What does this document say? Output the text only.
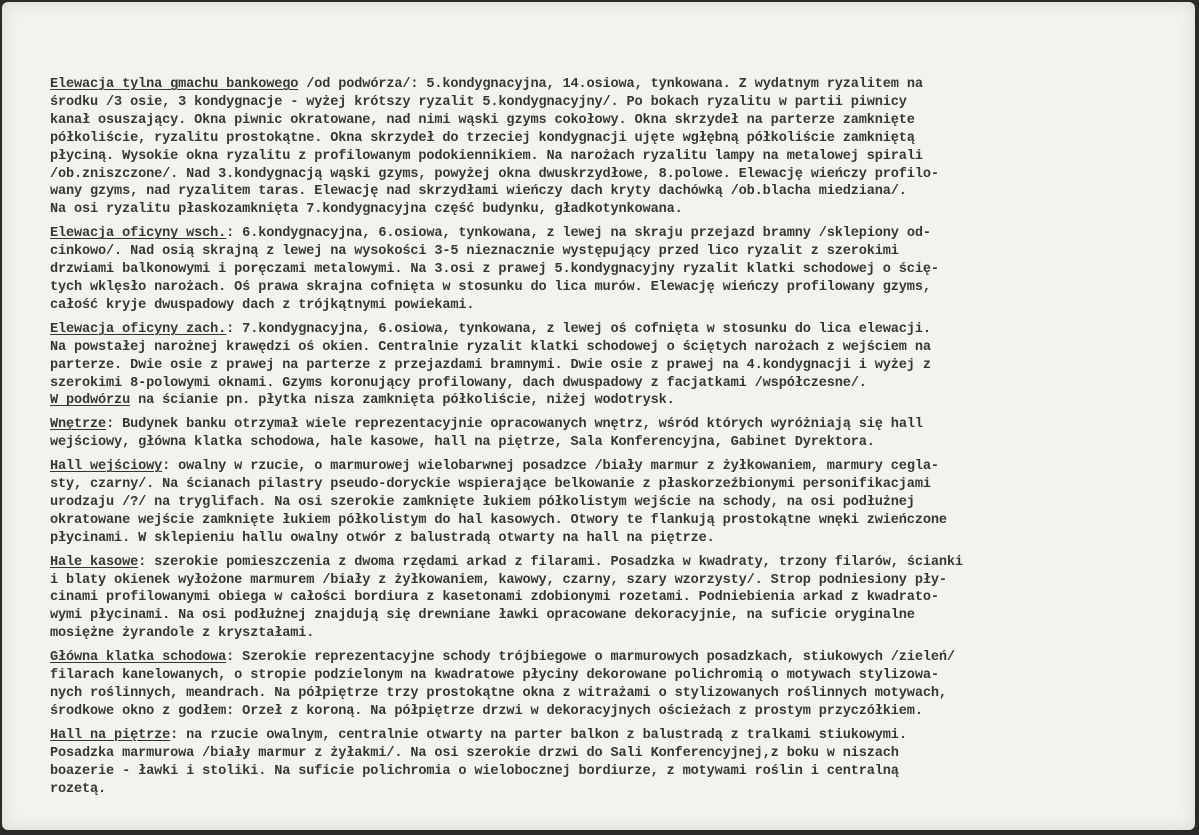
Elewacja tylna gmachu bankowego /od podwórza/: 5.kondygnacyjna, 14.osiowa, tynkowana. Z wydatnym ryzalitem na
środku /3 osie, 3 kondygnacje - wyżej krótszy ryzalit 5.kondygnacyjny/. Po bokach ryzalitu w partii piwnicy
kanał osuszający. Okna piwnic okratowane, nad nimi wąski gzyms cokołowy. Okna skrzydeł na parterze zamknięte
półkoliście, ryzalitu prostokątne. Okna skrzydeł do trzeciej kondygnacji ujęte wgłębną półkoliście zamkniętą
płyciną. Wysokie okna ryzalitu z profilowanym podokiennikiem. Na narożach ryzalitu lampy na metalowej spirali
/ob.zniszczone/. Nad 3.kondygnacją wąski gzyms, powyżej okna dwuskrzydłowe, 8.polowe. Elewację wieńczy profilo-
wany gzyms, nad ryzalitem taras. Elewację nad skrzydłami wieńczy dach kryty dachówką /ob.blacha miedziana/.
Na osi ryzalitu płaskozamknięta 7.kondygnacyjna część budynku, gładkotynkowana.
Elewacja oficyny wsch.: 6.kondygnacyjna, 6.osiowa, tynkowana, z lewej na skraju przejazd bramny /sklepiony od-
cinkowo/. Nad osią skrajną z lewej na wysokości 3-5 nieznacznie występujący przed lico ryzalit z szerokimi
drzwiami balkonowymi i poręczami metalowymi. Na 3.osi z prawej 5.kondygnacyjny ryzalit klatki schodowej o ścię-
tych wklęsło narożach. Oś prawa skrajna cofnięta w stosunku do lica murów. Elewację wieńczy profilowany gzyms,
całość kryje dwuspadowy dach z trójkątnymi powiekami.
Elewacja oficyny zach.: 7.kondygnacyjna, 6.osiowa, tynkowana, z lewej oś cofnięta w stosunku do lica elewacji.
Na powstałej narożnej krawędzi oś okien. Centralnie ryzalit klatki schodowej o ściętych narożach z wejściem na
parterze. Dwie osie z prawej na parterze z przejazdami bramnymi. Dwie osie z prawej na 4.kondygnacji i wyżej z
szerokimi 8-polowymi oknami. Gzyms koronujący profilowany, dach dwuspadowy z facjatkami /współczesne/.
W podwórzu na ścianie pn. płytka nisza zamknięta półkoliście, niżej wodotrysk.
Wnętrze: Budynek banku otrzymał wiele reprezentacyjnie opracowanych wnętrz, wśród których wyróżniają się hall
wejściowy, główna klatka schodowa, hale kasowe, hall na piętrze, Sala Konferencyjna, Gabinet Dyrektora.
Hall wejściowy: owalny w rzucie, o marmurowej wielobarwnej posadzce /biały marmur z żyłkowaniem, marmury cegla-
sty, czarny/. Na ścianach pilastry pseudo-doryckie wspierające belkowanie z płaskorzeźbionymi personifikacjami
urodzaju /?/ na tryglifach. Na osi szerokie zamknięte łukiem półkolistym wejście na schody, na osi podłużnej
okratowane wejście zamknięte łukiem półkolistym do hal kasowych. Otwory te flankują prostokątne wnęki zwieńczone
płycinami. W sklepieniu hallu owalny otwór z balustradą otwarty na hall na piętrze.
Hale kasowe: szerokie pomieszczenia z dwoma rzędami arkad z filarami. Posadzka w kwadraty, trzony filarów, ścianki
i blaty okienek wyłożone marmurem /biały z żyłkowaniem, kawowy, czarny, szary wzorzysty/. Strop podniesiony pły-
cinami profilowanymi obiega w całości bordiura z kasetonami zdobionymi rozetami. Podniebienia arkad z kwadrato-
wymi płycinami. Na osi podłużnej znajdują się drewniane ławki opracowane dekoracyjnie, na suficie oryginalne
mosiężne żyrandole z kryształami.
Główna klatka schodowa: Szerokie reprezentacyjne schody trójbiegowe o marmurowych posadzkach, stiukowych /zieleń/
filarach kanelowanych, o stropie podzielonym na kwadratowe płyciny dekorowane polichromią o motywach stylizowa-
nych roślinnych, meandrach. Na półpiętrze trzy prostokątne okna z witrażami o stylizowanych roślinnych motywach,
środkowe okno z godłem: Orzeł z koroną. Na półpiętrze drzwi w dekoracyjnych ościeżach z prostym przyczółkiem.
Hall na piętrze: na rzucie owalnym, centralnie otwarty na parter balkon z balustradą z tralkami stiukowymi.
Posadzka marmurowa /biały marmur z żyłakmi/. Na osi szerokie drzwi do Sali Konferencyjnej,z boku w niszach
boazerie - ławki i stoliki. Na suficie polichromia o wielobocznej bordiurze, z motywami roślin i centralną
rozetą.
